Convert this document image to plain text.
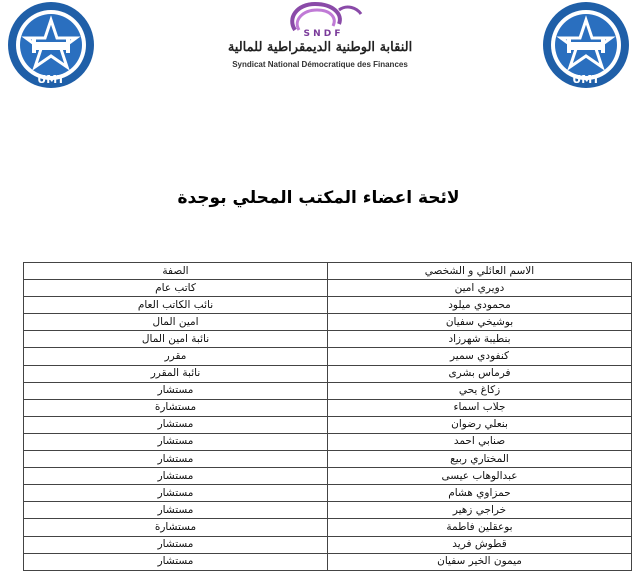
UMT	UMT
S N D F
النقابة الوطنية الديمقراطية للمالية
Syndicat National Démocratique des Finances
لائحة اعضاء المكتب المحلي بوجدة
الاسم العائلي و الشخصي	الصفة
دويري امين	كاتب عام
محمودي ميلود	نائب الكاتب العام
بوشيخي سفيان	امين المال
بنطيبة شهرزاد	نائبة امين المال
كنفودي سمير	مقرر
فرماس بشرى	نائبة المقرر
زكاغ يحي	مستشار
جلاب اسماء	مستشارة
بنعلي رضوان	مستشار
صنابي احمد	مستشار
المختاري ربيع	مستشار
عبدالوهاب عيسى	مستشار
حمزاوي هشام	مستشار
خراجي زهير	مستشار
بوعقلين فاطمة	مستشارة
قطوش فريد	مستشار
ميمون الخير سفيان	مستشار
